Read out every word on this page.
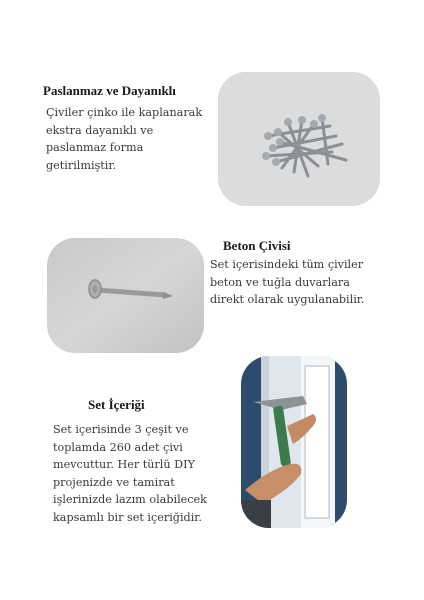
Paslanmaz ve Dayanıklı

Çiviler çinko ile kaplanarak
ekstra dayanıklı ve
paslanmaz forma
getirilmiştir.

Beton Çivisi

Set içerisindeki tüm çiviler
beton ve tuğla duvarlara
direkt olarak uygulanabilir.

Set İçeriği

Set içerisinde 3 çeşit ve
toplamda 260 adet çivi
mevcuttur. Her türlü DIY
projenizde ve tamirat
işlerinizde lazım olabilecek
kapsamlı bir set içeriğidir.
